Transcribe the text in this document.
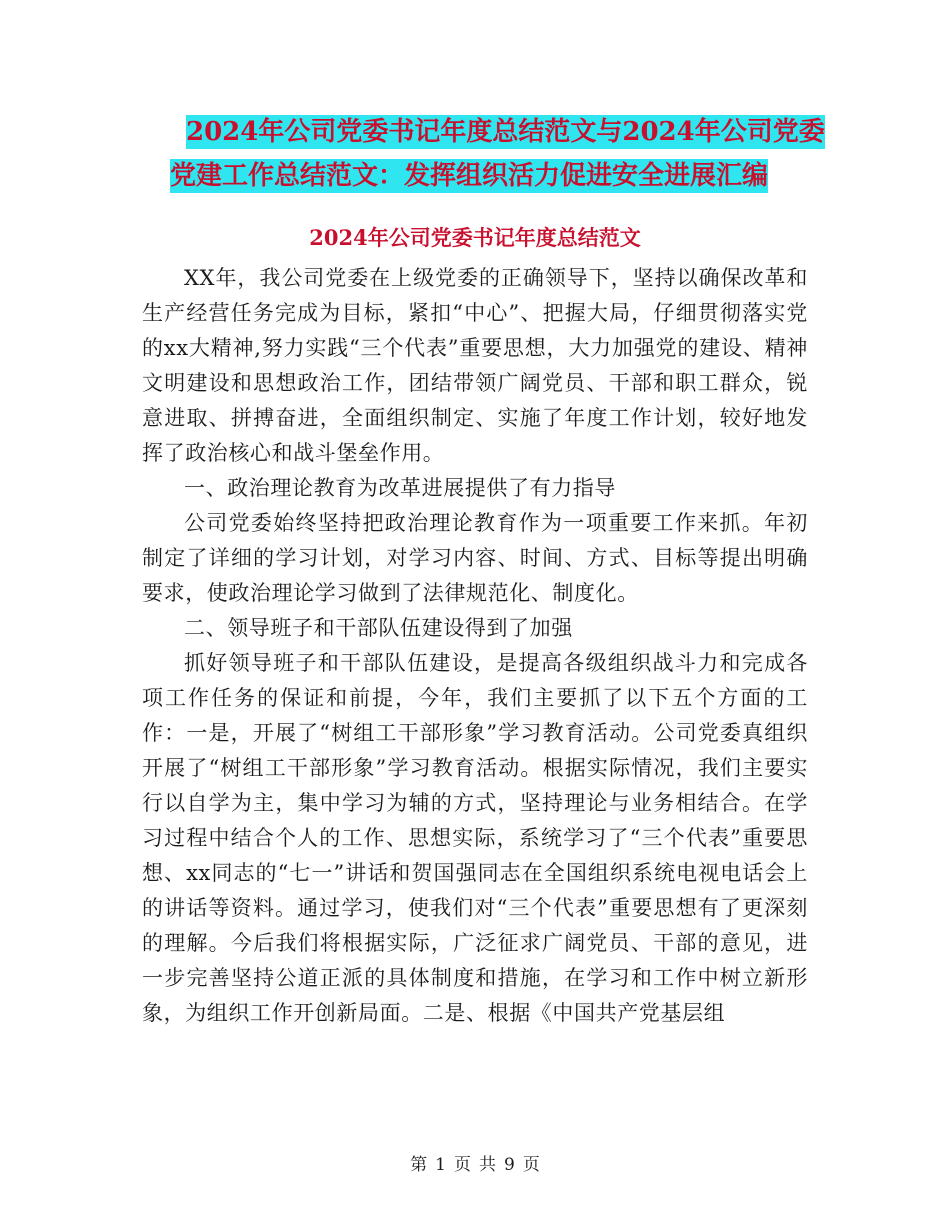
2024年公司党委书记年度总结范文与2024年公司党委党建工作总结范文：发挥组织活力促进安全进展汇编
2024年公司党委书记年度总结范文

XX年，我公司党委在上级党委的正确领导下，坚持以确保改革和生产经营任务完成为目标，紧扣“中心”、把握大局，仔细贯彻落实党的xx大精神,努力实践“三个代表”重要思想，大力加强党的建设、精神文明建设和思想政治工作，团结带领广阔党员、干部和职工群众，锐意进取、拼搏奋进，全面组织制定、实施了年度工作计划，较好地发挥了政治核心和战斗堡垒作用。

一、政治理论教育为改革进展提供了有力指导

公司党委始终坚持把政治理论教育作为一项重要工作来抓。年初制定了详细的学习计划，对学习内容、时间、方式、目标等提出明确要求，使政治理论学习做到了法律规范化、制度化。

二、领导班子和干部队伍建设得到了加强

抓好领导班子和干部队伍建设，是提高各级组织战斗力和完成各项工作任务的保证和前提，今年，我们主要抓了以下五个方面的工作：一是，开展了“树组工干部形象”学习教育活动。公司党委真组织开展了“树组工干部形象”学习教育活动。根据实际情况，我们主要实行以自学为主，集中学习为辅的方式，坚持理论与业务相结合。在学习过程中结合个人的工作、思想实际，系统学习了“三个代表”重要思想、xx同志的“七一”讲话和贺国强同志在全国组织系统电视电话会上的讲话等资料。通过学习，使我们对“三个代表”重要思想有了更深刻的理解。今后我们将根据实际，广泛征求广阔党员、干部的意见，进一步完善坚持公道正派的具体制度和措施，在学习和工作中树立新形象，为组织工作开创新局面。二是、根据《中国共产党基层组

第 1 页 共 9 页
